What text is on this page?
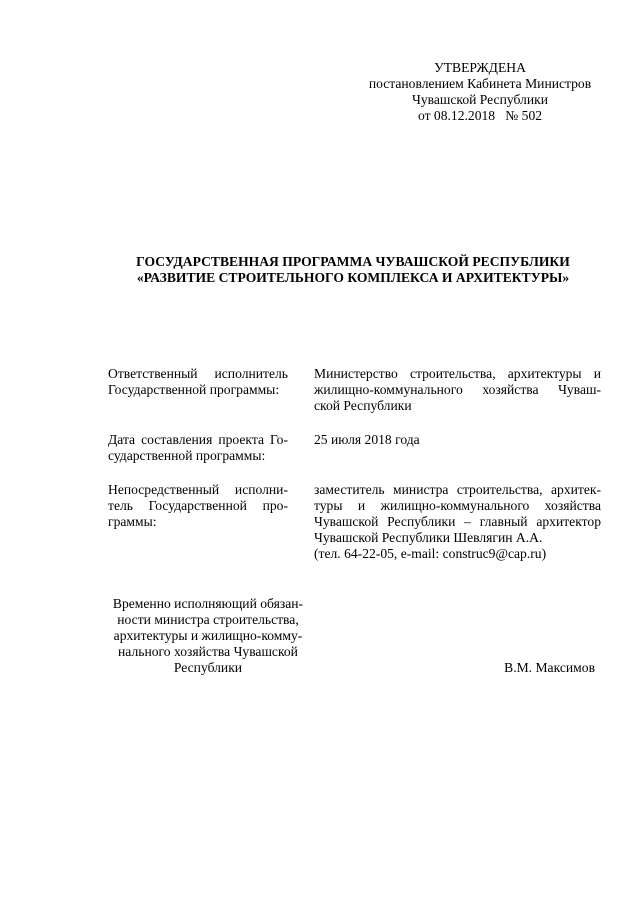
УТВЕРЖДЕНА
постановлением Кабинета Министров
Чувашской Республики
от 08.12.2018   № 502
ГОСУДАРСТВЕННАЯ ПРОГРАММА ЧУВАШСКОЙ РЕСПУБЛИКИ
«РАЗВИТИЕ СТРОИТЕЛЬНОГО КОМПЛЕКСА И АРХИТЕКТУРЫ»
Ответственный исполнитель
Государственной программы:
Министерство строительства, архитектуры и
жилищно-коммунального хозяйства Чуваш-
ской Республики
Дата составления проекта Го-
сударственной программы:
25 июля 2018 года
Непосредственный исполни-
тель Государственной про-
граммы:
заместитель министра строительства, архитек-
туры и жилищно-коммунального хозяйства
Чувашской Республики – главный архитектор
Чувашской Республики Шевлягин А.А.
(тел. 64-22-05, e-mail: construc9@cap.ru)
Временно исполняющий обязан-
ности министра строительства,
архитектуры и жилищно-комму-
нального хозяйства Чувашской
Республики	В.М. Максимов
